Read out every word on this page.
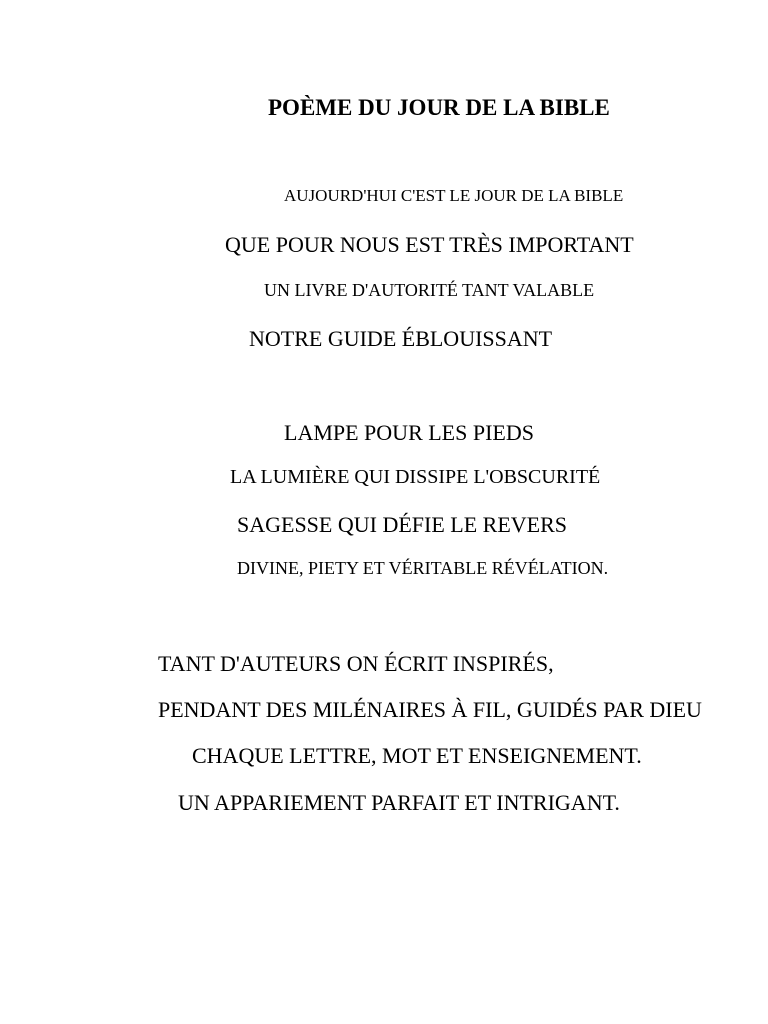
POÈME DU JOUR DE LA BIBLE
AUJOURD'HUI C'EST LE JOUR DE LA BIBLE
QUE POUR NOUS EST TRÈS IMPORTANT
UN LIVRE D'AUTORITÉ TANT VALABLE
NOTRE GUIDE ÉBLOUISSANT
LAMPE POUR LES PIEDS
LA LUMIÈRE QUI DISSIPE L'OBSCURITÉ
SAGESSE QUI DÉFIE LE REVERS
DIVINE, PIETY ET VÉRITABLE RÉVÉLATION.
TANT D'AUTEURS ON ÉCRIT INSPIRÉS,
PENDANT DES MILÉNAIRES À FIL, GUIDÉS PAR DIEU
CHAQUE LETTRE, MOT ET ENSEIGNEMENT.
UN APPARIEMENT PARFAIT ET INTRIGANT.
